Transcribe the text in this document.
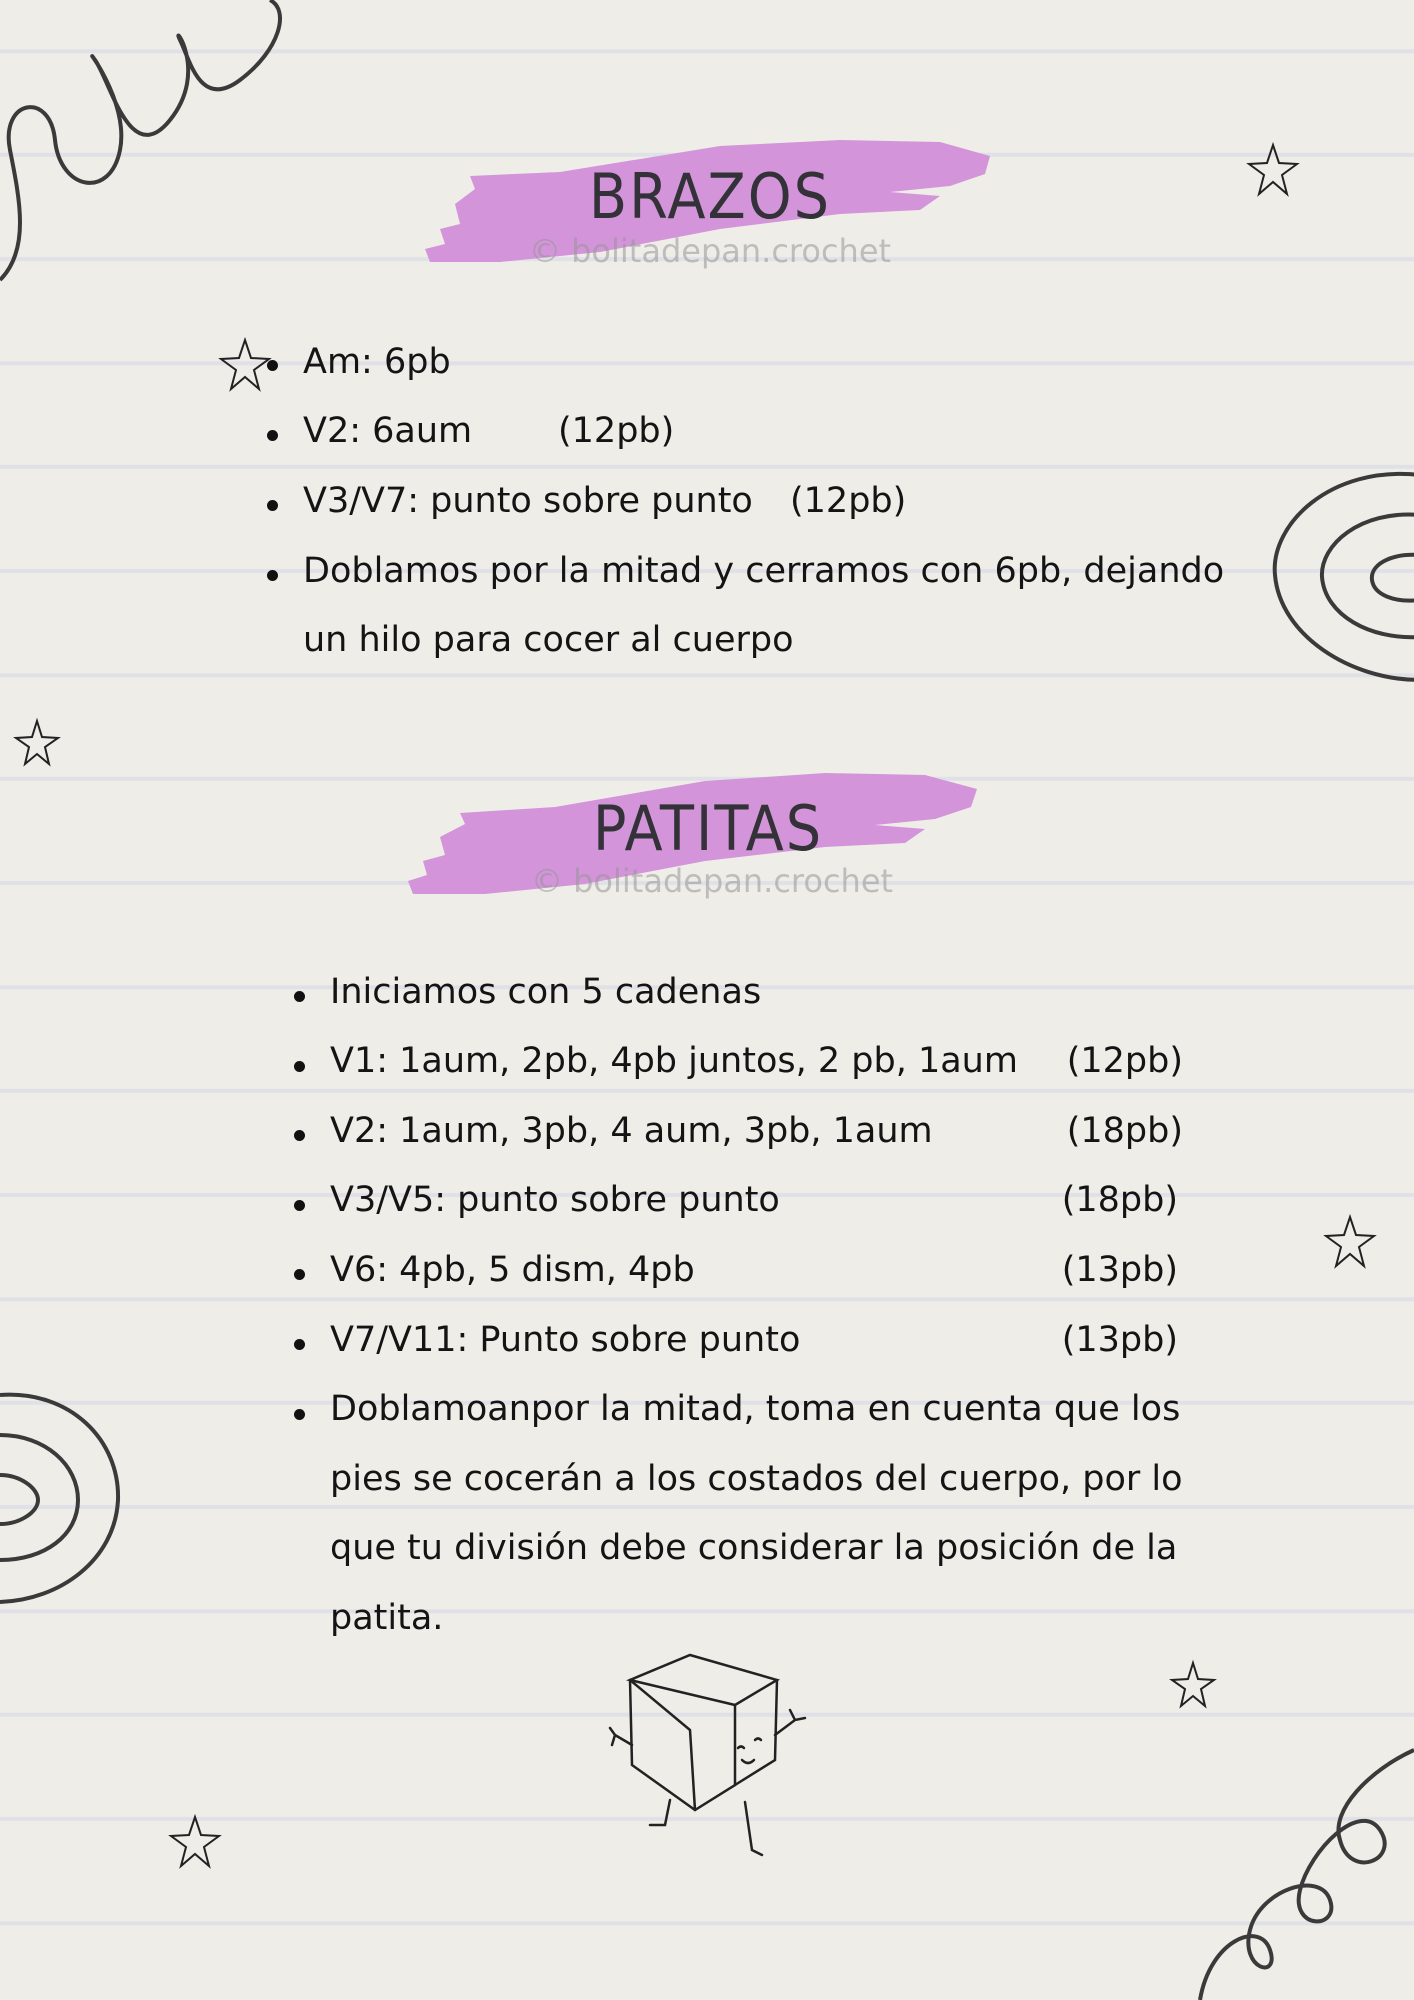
BRAZOS
© bolitadepan.crochet
Am: 6pb
V2: 6aum (12pb)
V3/V7: punto sobre punto (12pb)
Doblamos por la mitad y cerramos con 6pb, dejando
un hilo para cocer al cuerpo
PATITAS
© bolitadepan.crochet
Iniciamos con 5 cadenas
V1: 1aum, 2pb, 4pb juntos, 2 pb, 1aum (12pb)
V2: 1aum, 3pb, 4 aum, 3pb, 1aum	(18pb)
V3/V5: punto sobre punto	(18pb)
V6: 4pb, 5 dism, 4pb	(13pb)
V7/V11: Punto sobre punto	(13pb)
Doblamoanpor la mitad, toma en cuenta que los
pies se cocerán a los costados del cuerpo, por lo
que tu división debe considerar la posición de la
patita.
